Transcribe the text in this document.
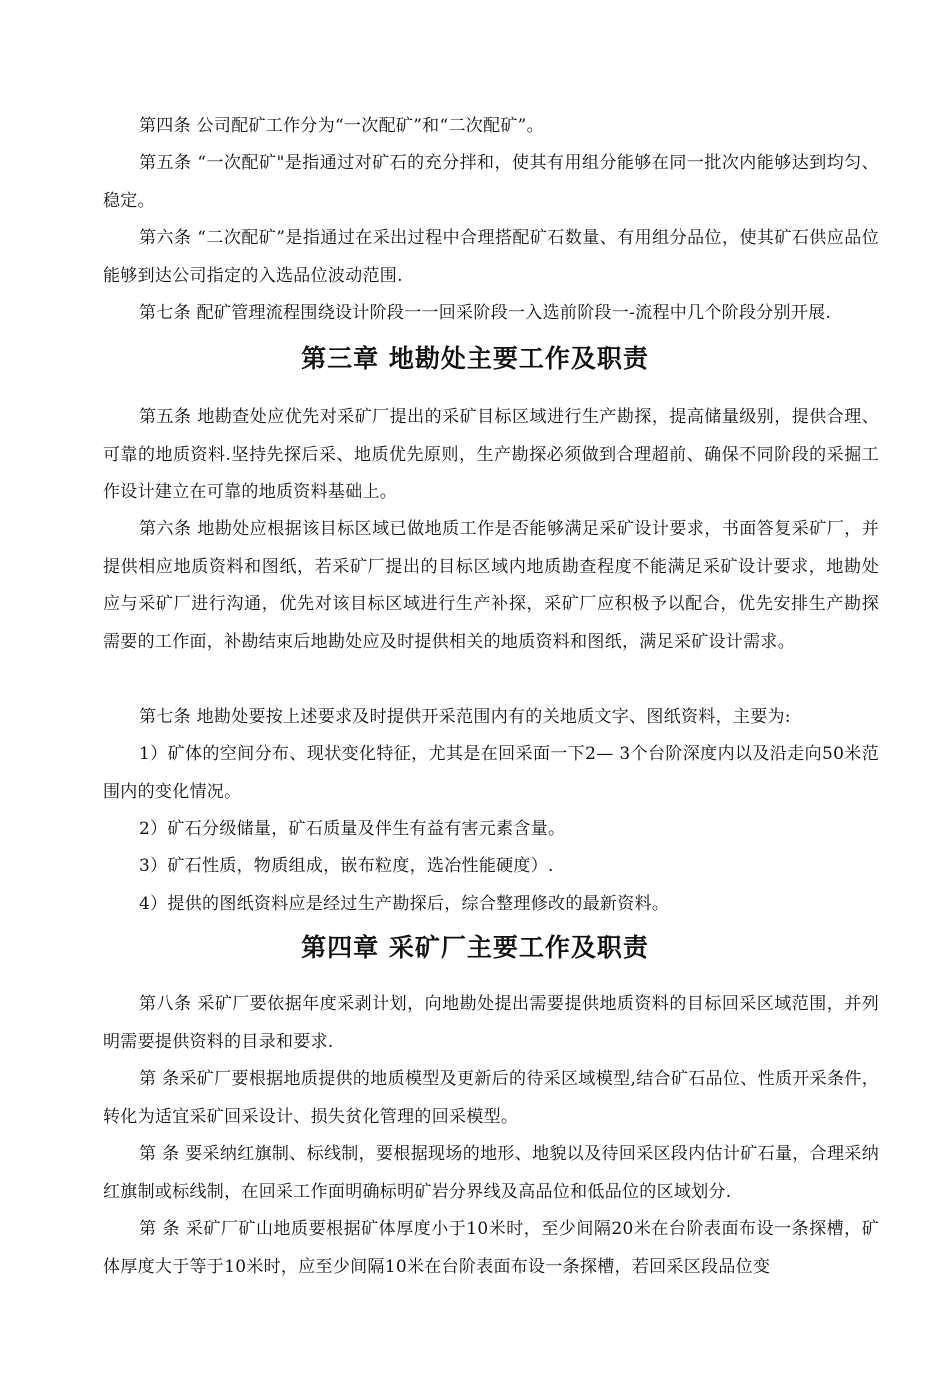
第四条 公司配矿工作分为“一次配矿”和“二次配矿”。

第五条 “一次配矿"是指通过对矿石的充分拌和，使其有用组分能够在同一批次内能够达到均匀、稳定。

第六条 “二次配矿”是指通过在采出过程中合理搭配矿石数量、有用组分品位，使其矿石供应品位能够到达公司指定的入选品位波动范围.

第七条 配矿管理流程围绕设计阶段一一回采阶段一入选前阶段一-流程中几个阶段分别开展.

第三章 地勘处主要工作及职责

第五条 地勘查处应优先对采矿厂提出的采矿目标区域进行生产勘探，提高储量级别，提供合理、可靠的地质资料.坚持先探后采、地质优先原则，生产勘探必须做到合理超前、确保不同阶段的采掘工作设计建立在可靠的地质资料基础上。

第六条 地勘处应根据该目标区域已做地质工作是否能够满足采矿设计要求，书面答复采矿厂，并提供相应地质资料和图纸，若采矿厂提出的目标区域内地质勘查程度不能满足采矿设计要求，地勘处应与采矿厂进行沟通，优先对该目标区域进行生产补探，采矿厂应积极予以配合，优先安排生产勘探需要的工作面，补勘结束后地勘处应及时提供相关的地质资料和图纸，满足采矿设计需求。

第七条 地勘处要按上述要求及时提供开采范围内有的关地质文字、图纸资料，主要为:

1）矿体的空间分布、现状变化特征，尤其是在回采面一下2— 3个台阶深度内以及沿走向50米范围内的变化情况。

2）矿石分级储量，矿石质量及伴生有益有害元素含量。

3）矿石性质，物质组成，嵌布粒度，选冶性能硬度）.

4）提供的图纸资料应是经过生产勘探后，综合整理修改的最新资料。

第四章 采矿厂主要工作及职责

第八条 采矿厂要依据年度采剥计划，向地勘处提出需要提供地质资料的目标回采区域范围，并列明需要提供资料的目录和要求.

第 条采矿厂要根据地质提供的地质模型及更新后的待采区域模型,结合矿石品位、性质开采条件，转化为适宜采矿回采设计、损失贫化管理的回采模型。

第 条 要采纳红旗制、标线制，要根据现场的地形、地貌以及待回采区段内估计矿石量，合理采纳红旗制或标线制，在回采工作面明确标明矿岩分界线及高品位和低品位的区域划分.

第 条 采矿厂矿山地质要根据矿体厚度小于10米时，至少间隔20米在台阶表面布设一条探槽，矿体厚度大于等于10米时，应至少间隔10米在台阶表面布设一条探槽，若回采区段品位变
